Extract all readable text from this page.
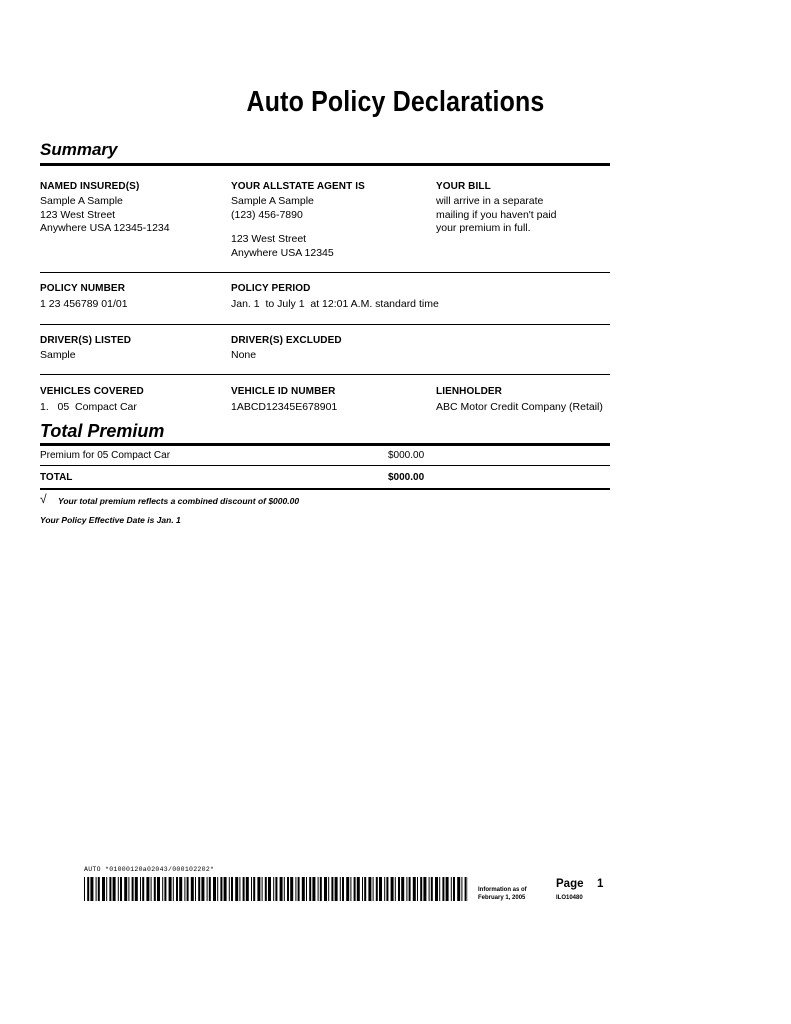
Auto Policy Declarations
Summary
NAMED INSURED(S)
Sample A Sample
123 West Street
Anywhere USA 12345-1234
YOUR ALLSTATE AGENT IS
Sample A Sample
(123) 456-7890
123 West Street
Anywhere USA 12345
YOUR BILL
will arrive in a separate
mailing if you haven't paid
your premium in full.
POLICY NUMBER
1 23 456789 01/01
POLICY PERIOD
Jan. 1  to July 1  at 12:01 A.M. standard time
DRIVER(S) LISTED
Sample
DRIVER(S) EXCLUDED
None
VEHICLES COVERED
1.   05  Compact Car
VEHICLE ID NUMBER
1ABCD12345E678901
LIENHOLDER
ABC Motor Credit Company (Retail)
Total Premium
Premium for 05 Compact Car	$000.00
TOTAL	$000.00
√ Your total premium reflects a combined discount of $000.00
Your Policy Effective Date is Jan. 1
AUTO *01000120a02043/000102202*
Information as of
February 1, 2005
Page 1
ILO10480
